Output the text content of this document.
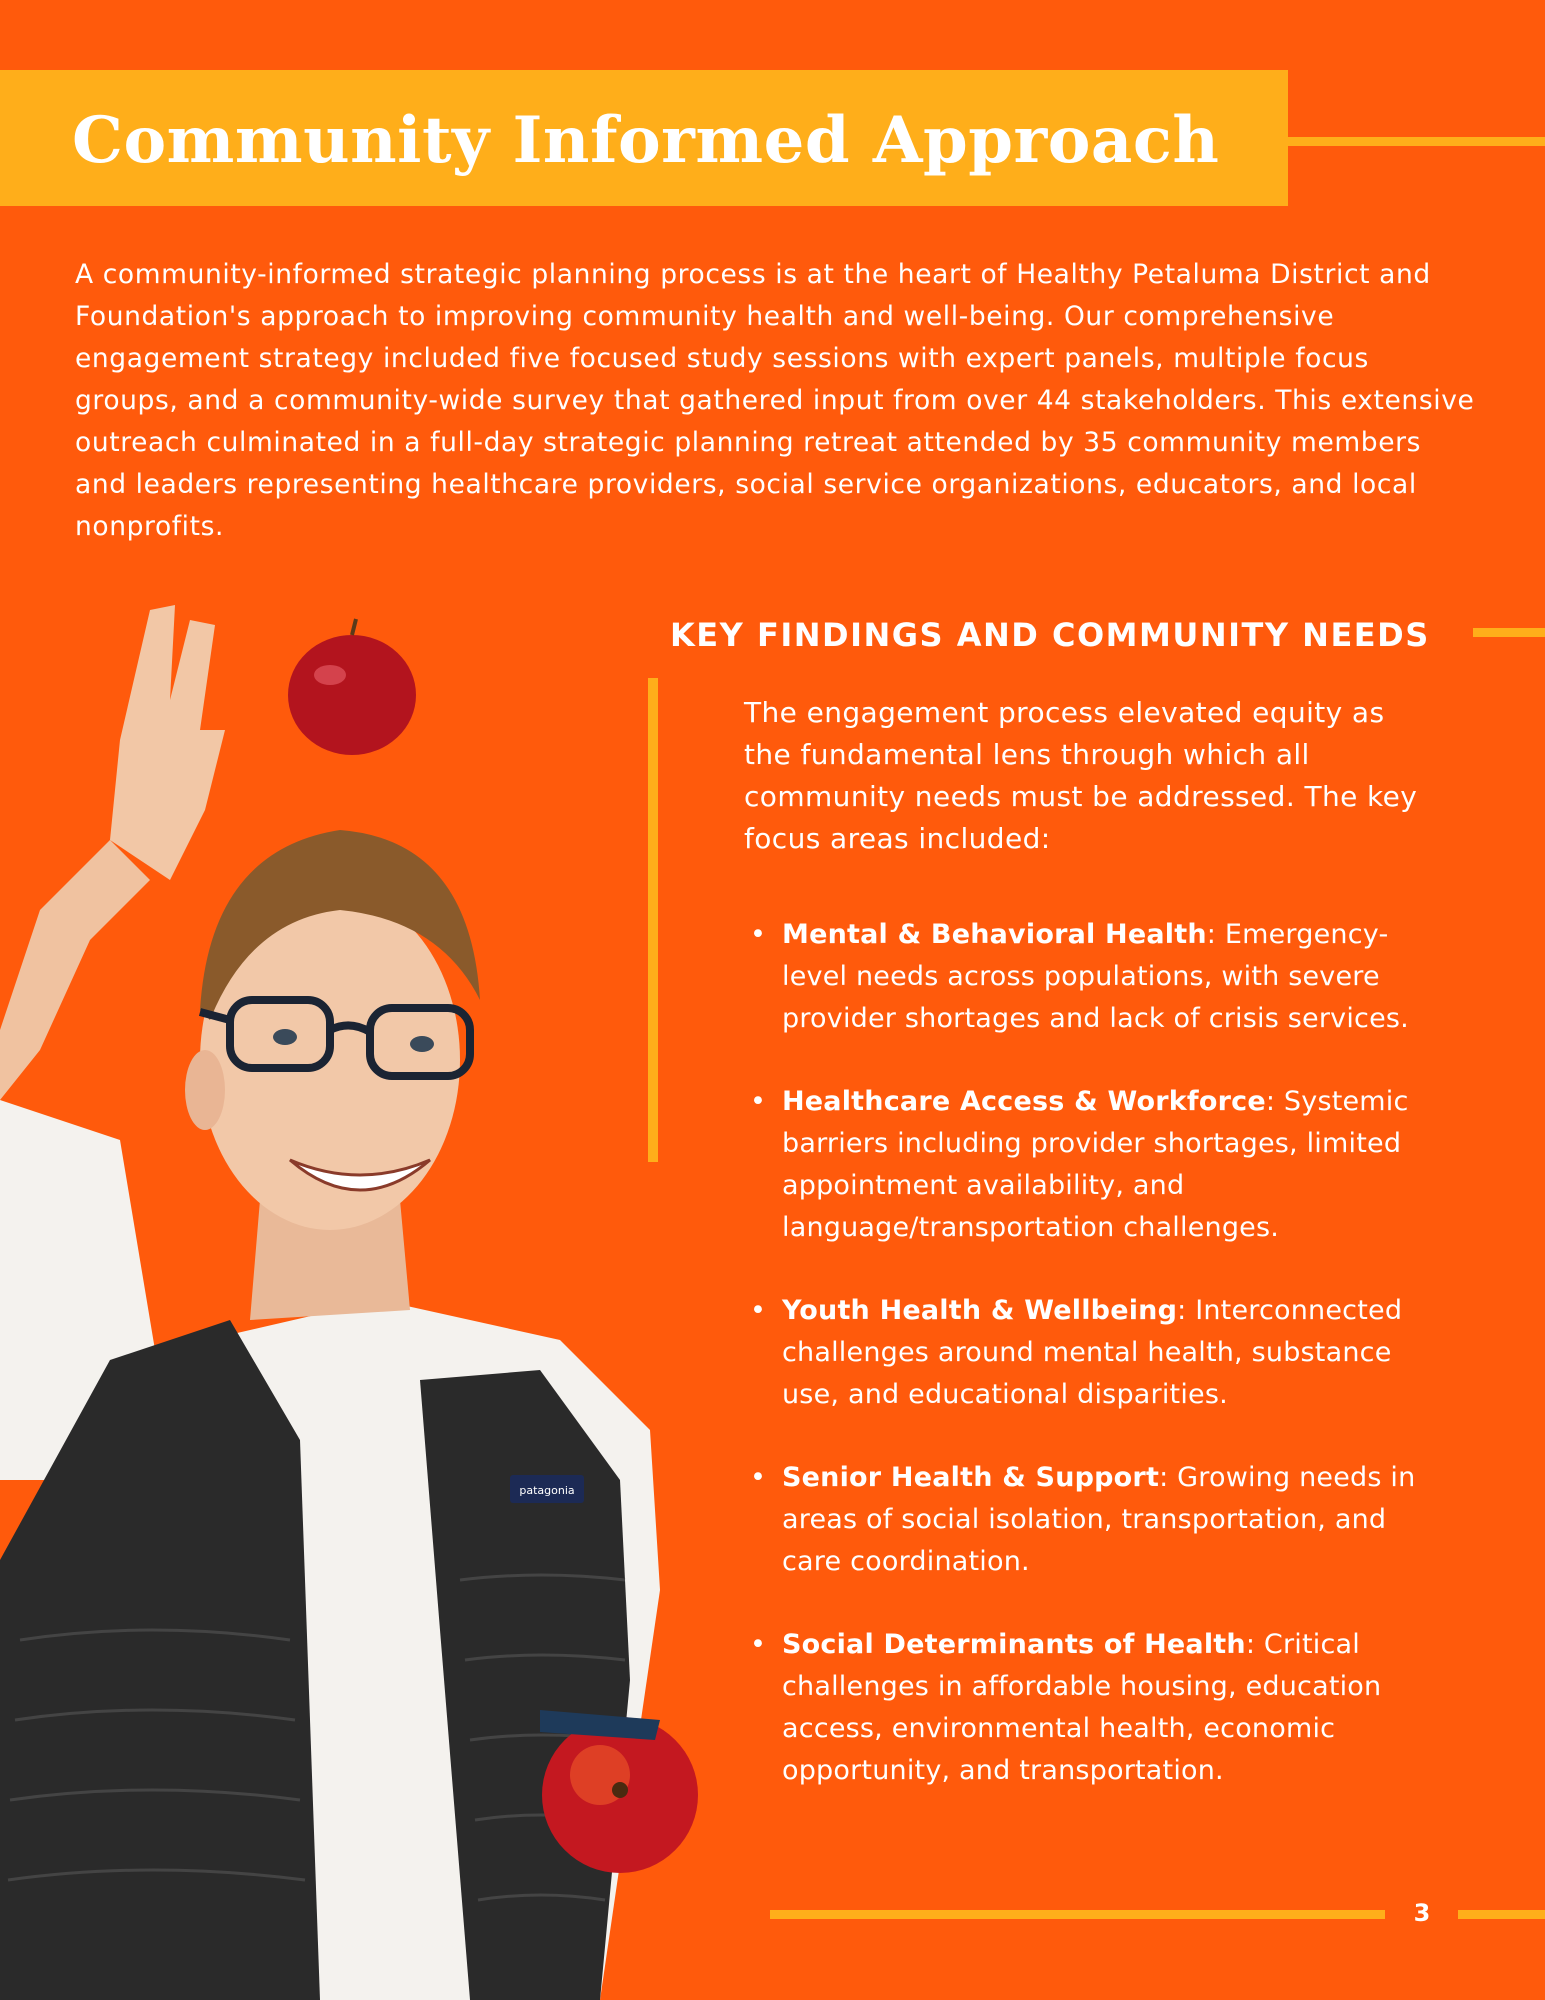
Community Informed Approach

A community-informed strategic planning process is at the heart of Healthy Petaluma District and Foundation's approach to improving community health and well-being. Our comprehensive engagement strategy included five focused study sessions with expert panels, multiple focus groups, and a community-wide survey that gathered input from over 44 stakeholders. This extensive outreach culminated in a full-day strategic planning retreat attended by 35 community members and leaders representing healthcare providers, social service organizations, educators, and local nonprofits.

patagonia
KEY FINDINGS AND COMMUNITY NEEDS

The engagement process elevated equity as the fundamental lens through which all community needs must be addressed. The key focus areas included:

• Mental & Behavioral Health: Emergency-level needs across populations, with severe provider shortages and lack of crisis services.
• Healthcare Access & Workforce: Systemic barriers including provider shortages, limited appointment availability, and language/transportation challenges.
• Youth Health & Wellbeing: Interconnected challenges around mental health, substance use, and educational disparities.
• Senior Health & Support: Growing needs in areas of social isolation, transportation, and care coordination.
• Social Determinants of Health: Critical challenges in affordable housing, education access, environmental health, economic opportunity, and transportation.
3
